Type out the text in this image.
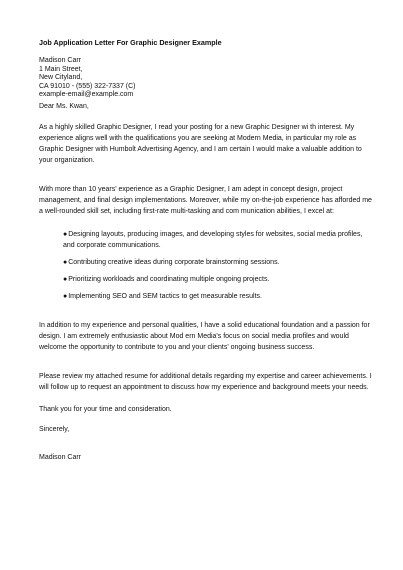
Job Application Letter For Graphic Designer Example
Madison Carr
1 Main Street,
New Cityland,
CA 91010 - (555) 322-7337 (C)
example-email@example.com
Dear Ms. Kwan,

As a highly skilled Graphic Designer, I read your posting for a new Graphic Designer wi th interest. My experience aligns well with the qualifications you are seeking at Modern Media, in particular my role as Graphic Designer with Humbolt Advertising Agency, and I am certain I would make a valuable addition to your organization.

With more than 10 years' experience as a Graphic Designer, I am adept in concept design, project management, and final design implementations. Moreover, while my on-the-job experience has afforded me a well-rounded skill set, including first-rate multi-tasking and com munication abilities, I excel at:

●Designing layouts, producing images, and developing styles for websites, social media profiles, and corporate communications.
●Contributing creative ideas during corporate brainstorming sessions.
●Prioritizing workloads and coordinating multiple ongoing projects.
●Implementing SEO and SEM tactics to get measurable results.

In addition to my experience and personal qualities, I have a solid educational foundation and a passion for design. I am extremely enthusiastic about Mod ern Media's focus on social media profiles and would welcome the opportunity to contribute to you and your clients' ongoing business success.

Please review my attached resume for additional details regarding my expertise and career achievements. I will follow up to request an appointment to discuss how my experience and background meets your needs.

Thank you for your time and consideration.

Sincerely,

Madison Carr
